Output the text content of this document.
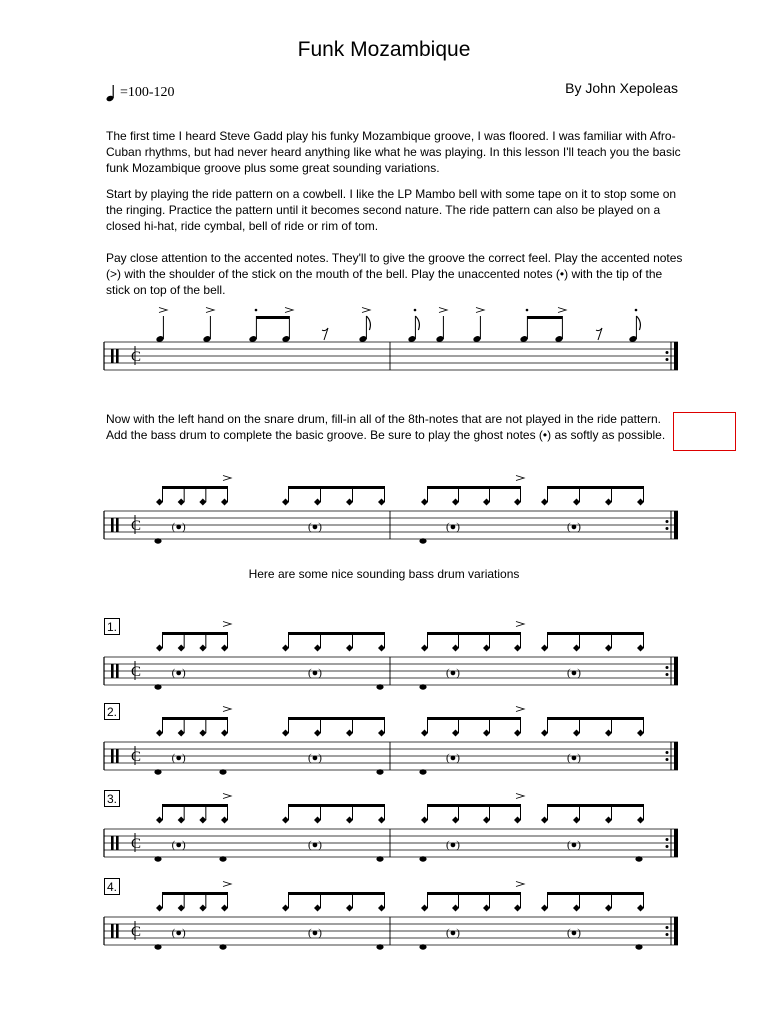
Funk Mozambique
=100-120	By John Xepoleas
The first time I heard Steve Gadd play his funky Mozambique groove, I was floored. I was familiar with Afro-Cuban rhythms, but had never heard anything like what he was playing. In this lesson I'll teach you the basic funk Mozambique groove plus some great sounding variations.
Start by playing the ride pattern on a cowbell. I like the LP Mambo bell with some tape on it to stop some on the ringing. Practice the pattern until it becomes second nature. The ride pattern can also be played on a closed hi-hat, ride cymbal, bell of ride or rim of tom.
Pay close attention to the accented notes. They'll to give the groove the correct feel. Play the accented notes (>) with the shoulder of the stick on the mouth of the bell. Play the unaccented notes (•) with the tip of the stick on top of the bell.
C
Now with the left hand on the snare drum, fill-in all of the 8th-notes that are not played in the ride pattern. Add the bass drum to complete the basic groove. Be sure to play the ghost notes (•) as softly as possible.
C	(●)	(●)	(●)	(●)
Here are some nice sounding bass drum variations
1.
C	(●)	(●)	(●)	(●)
2.
C	(●)	(●)	(●)	(●)
3.
C	(●)	(●)	(●)	(●)
4.
C	(●)	(●)	(●)	(●)
